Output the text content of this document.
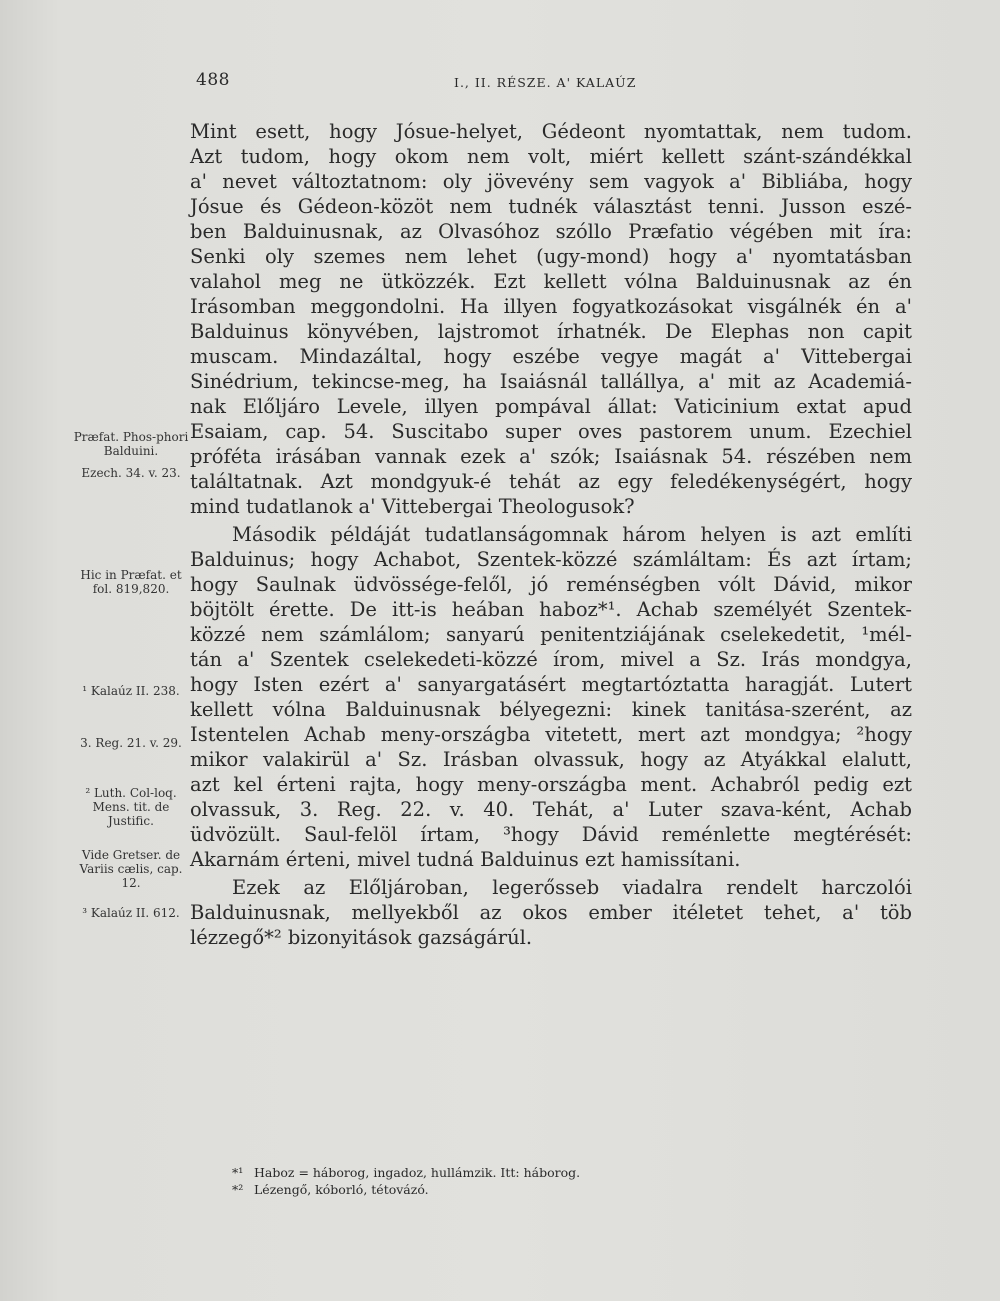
488	I., II. RÉSZE. A' KALAÚZ
Mint esett, hogy Jósue-helyet, Gédeont nyomtattak, nem tudom.
Azt tudom, hogy okom nem volt, miért kellett szánt-szándékkal
a' nevet változtatnom: oly jövevény sem vagyok a' Bibliába, hogy
Jósue és Gédeon-közöt nem tudnék választást tenni. Jusson eszé-
ben Balduinusnak, az Olvasóhoz szóllo Præfatio végében mit íra:
Senki oly szemes nem lehet (ugy-mond) hogy a' nyomtatásban
valahol meg ne ütközzék. Ezt kellett vólna Balduinusnak az én
Irásomban meggondolni. Ha illyen fogyatkozásokat visgálnék én a'
Balduinus könyvében, lajstromot írhatnék. De Elephas non capit
muscam. Mindazáltal, hogy eszébe vegye magát a' Vittebergai
Sinédrium, tekincse-meg, ha Isaiásnál tallállya, a' mit az Academiá-
nak Előljáro Levele, illyen pompával állat: Vaticinium extat apud
Esaiam, cap. 54. Suscitabo super oves pastorem unum. Ezechiel
próféta irásában vannak ezek a' szók; Isaiásnak 54. részében nem
találtatnak. Azt mondgyuk-é tehát az egy feledékenységért, hogy
mind tudatlanok a' Vittebergai Theologusok?
Második példáját tudatlanságomnak három helyen is azt említi
Balduinus; hogy Achabot, Szentek-közzé számláltam: És azt írtam;
hogy Saulnak üdvössége-felől, jó reménségben vólt Dávid, mikor
böjtölt érette. De itt-is heában haboz*¹. Achab személyét Szentek-
közzé nem számlálom; sanyarú penitentziájának cselekedetit, ¹mél-
tán a' Szentek cselekedeti-közzé írom, mivel a Sz. Irás mondgya,
hogy Isten ezért a' sanyargatásért megtartóztatta haragját. Lutert
kellett vólna Balduinusnak bélyegezni: kinek tanitása-szerént, az
Istentelen Achab meny-országba vitetett, mert azt mondgya; ²hogy
mikor valakirül a' Sz. Irásban olvassuk, hogy az Atyákkal elalutt,
azt kel érteni rajta, hogy meny-országba ment. Achabról pedig ezt
olvassuk, 3. Reg. 22. v. 40. Tehát, a' Luter szava-ként, Achab
üdvözült. Saul-felöl írtam, ³hogy Dávid reménlette megtérését:
Akarnám érteni, mivel tudná Balduinus ezt hamissítani.
Ezek az Előljároban, legerősseb viadalra rendelt harczolói
Balduinusnak, mellyekből az okos ember itéletet tehet, a' töb
lézzegő*² bizonyitások gazságárúl.
Præfat. Phos-phori Balduini.
Ezech. 34. v. 23.
Hic in Præfat. et fol. 819,820.
¹ Kalaúz II. 238.
3. Reg. 21. v. 29.
² Luth. Col-loq. Mens. tit. de Justific.
Vide Gretser. de Variis cælis, cap. 12.
³ Kalaúz II. 612.
*¹ Haboz = háborog, ingadoz, hullámzik. Itt: háborog.
*² Lézengő, kóborló, tétovázó.
